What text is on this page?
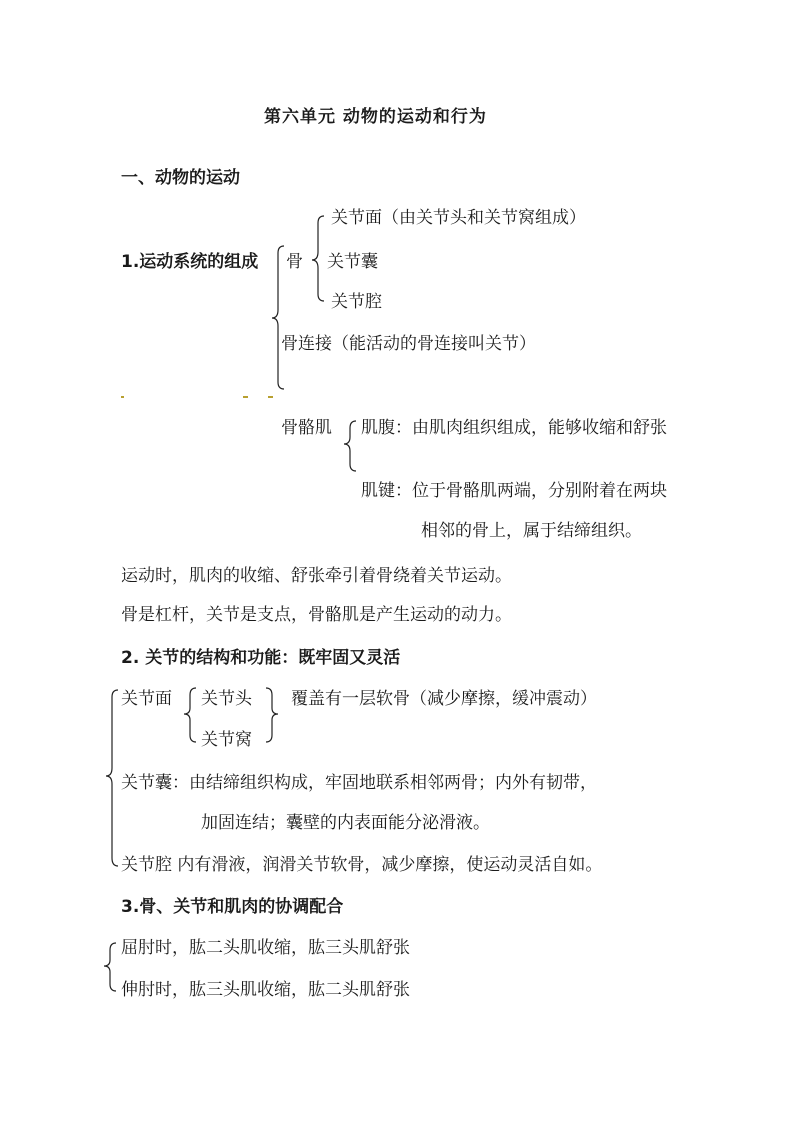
第六单元 动物的运动和行为
一、动物的运动
1.运动系统的组成 骨
关节面（由关节头和关节窝组成）
关节囊
关节腔
骨连接（能活动的骨连接叫关节）
骨骼肌 肌腹：由肌肉组织组成，能够收缩和舒张
肌键：位于骨骼肌两端，分别附着在两块
相邻的骨上，属于结缔组织。
运动时，肌肉的收缩、舒张牵引着骨绕着关节运动。
骨是杠杆，关节是支点，骨骼肌是产生运动的动力。
2. 关节的结构和功能：既牢固又灵活
关节面 关节头
关节窝
覆盖有一层软骨（减少摩擦，缓冲震动）
关节囊：由结缔组织构成，牢固地联系相邻两骨；内外有韧带，
加固连结；囊壁的内表面能分泌滑液。
关节腔 内有滑液，润滑关节软骨，减少摩擦，使运动灵活自如。
3.骨、关节和肌肉的协调配合
屈肘时，肱二头肌收缩，肱三头肌舒张
伸肘时，肱三头肌收缩，肱二头肌舒张
